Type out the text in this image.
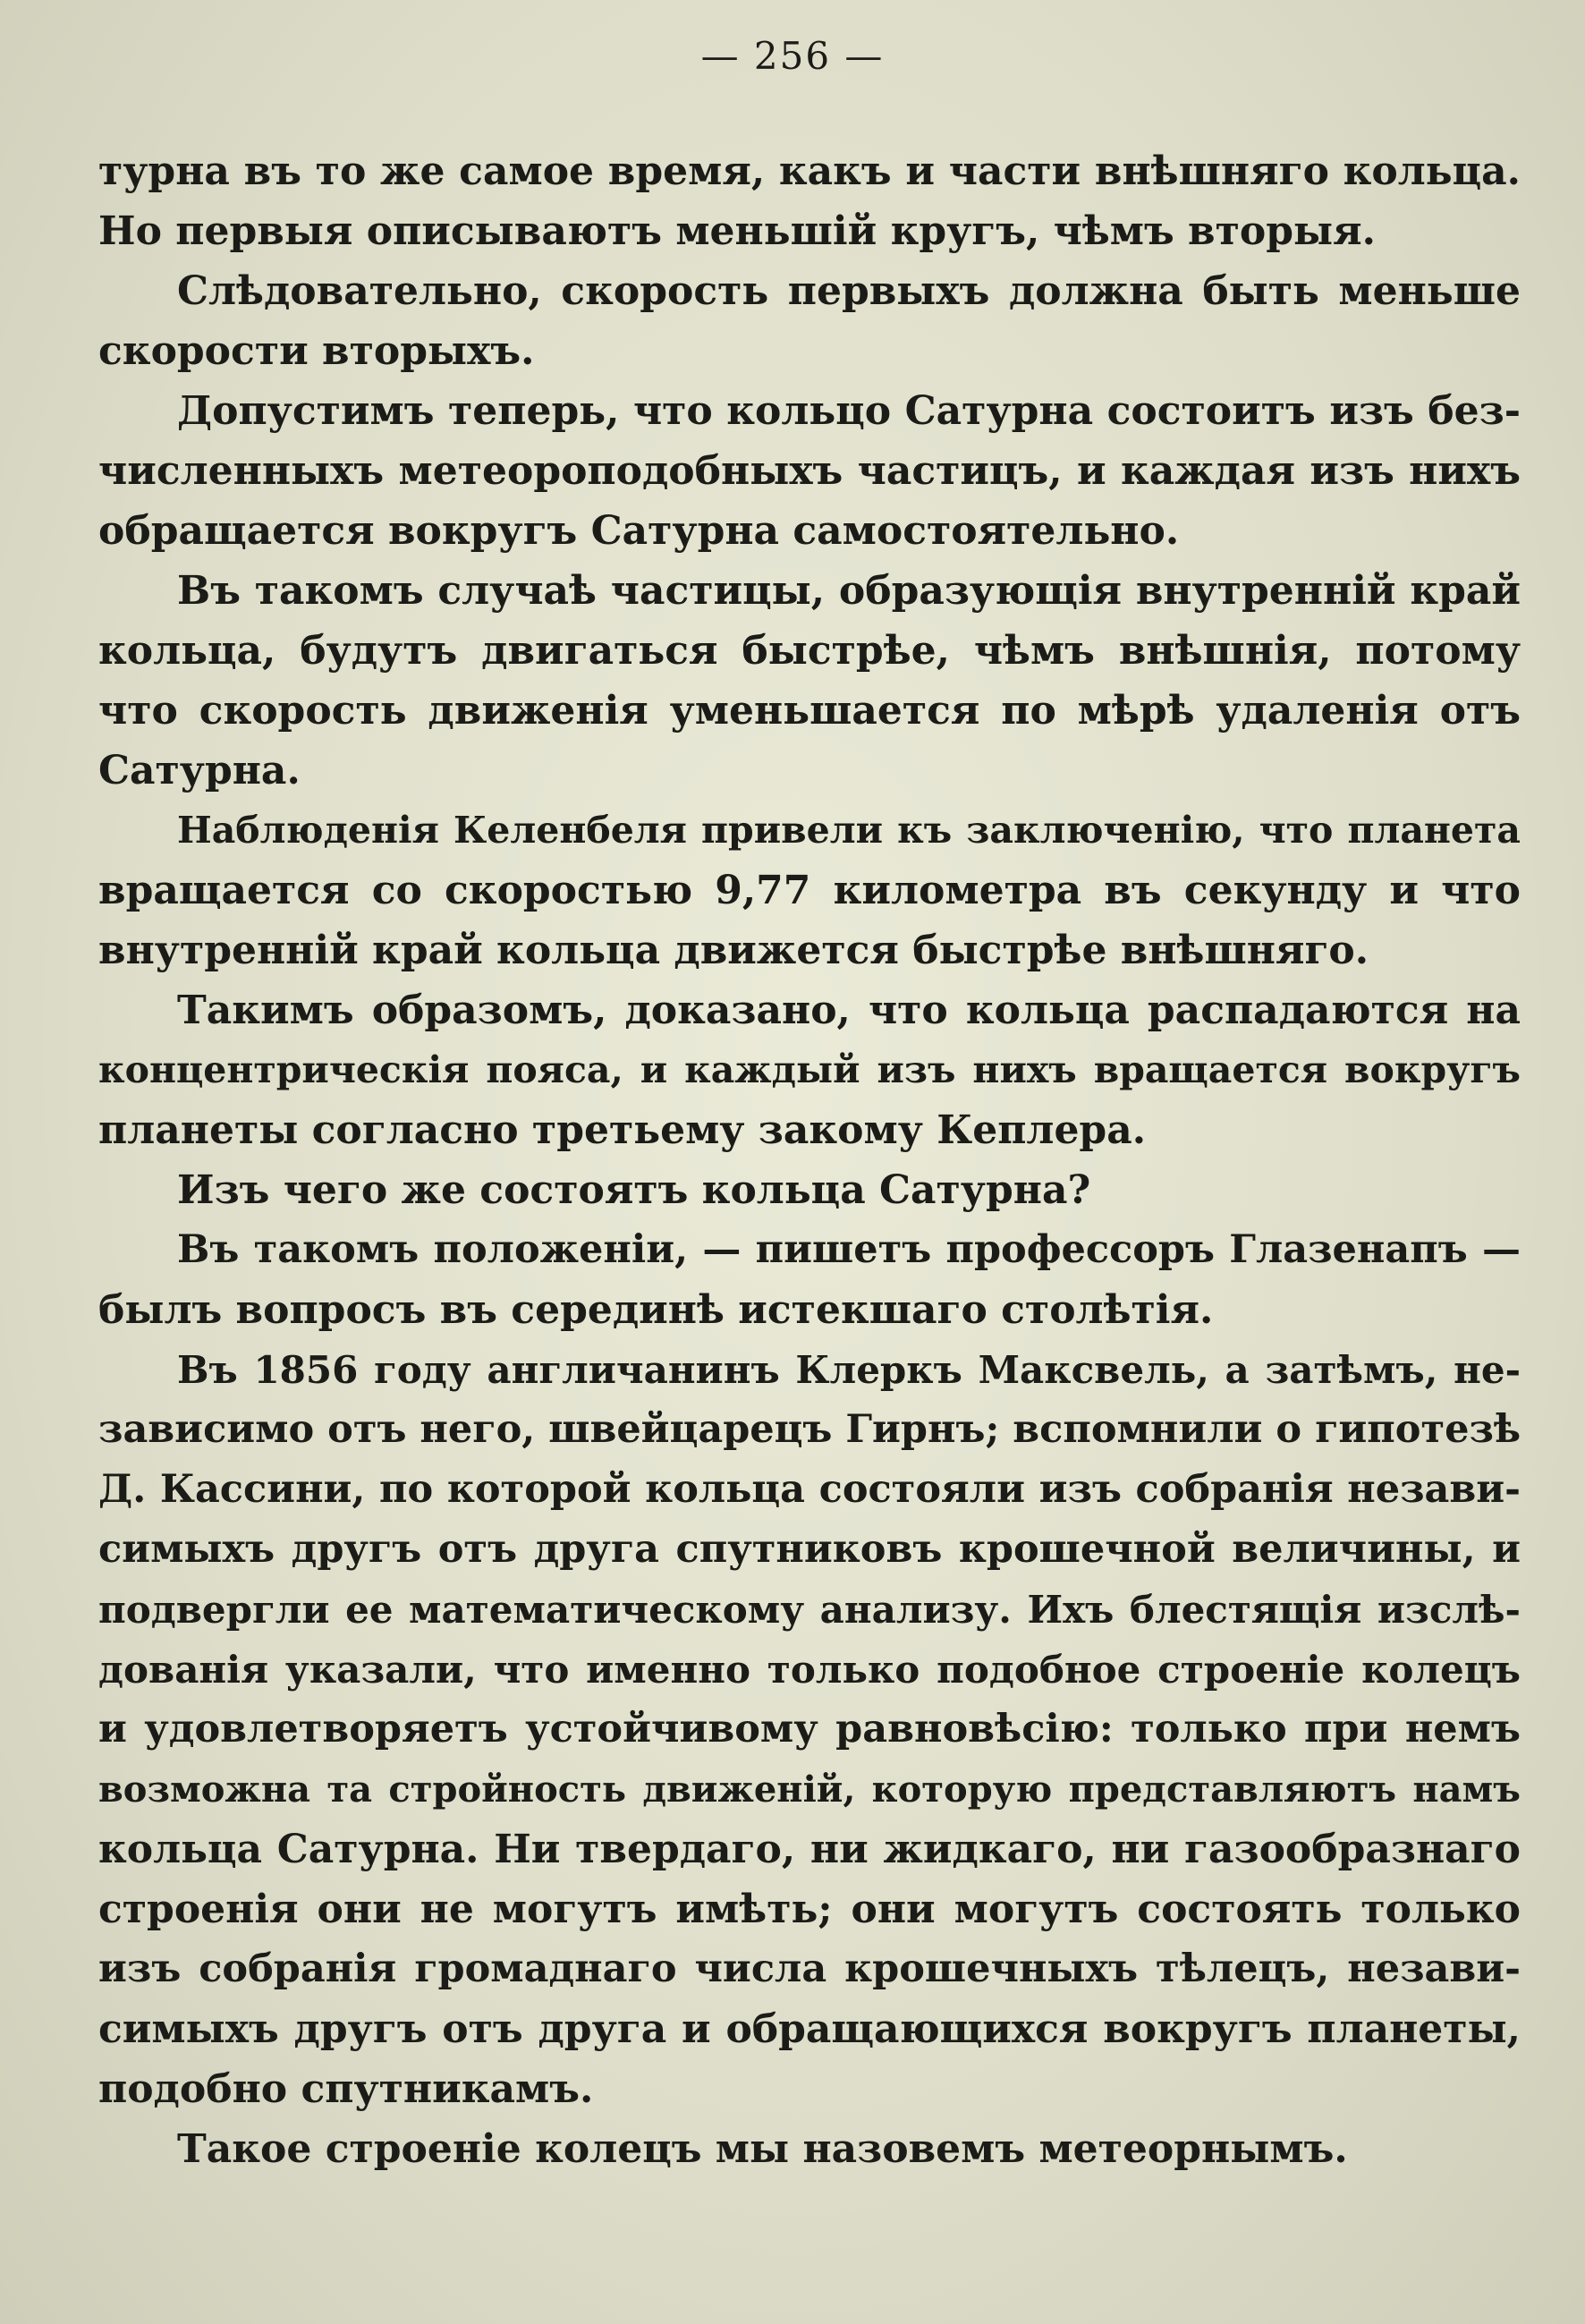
— 256 —
турна въ то же самое время, какъ и части внѣшняго кольца.
Но первыя описываютъ меньшій кругъ, чѣмъ вторыя.
Слѣдовательно, скорость первыхъ должна быть меньше
скорости вторыхъ.
Допустимъ теперь, что кольцо Сатурна состоитъ изъ без-
численныхъ метеороподобныхъ частицъ, и каждая изъ нихъ
обращается вокругъ Сатурна самостоятельно.
Въ такомъ случаѣ частицы, образующія внутренній край
кольца, будутъ двигаться быстрѣе, чѣмъ внѣшнія, потому
что скорость движенія уменьшается по мѣрѣ удаленія отъ
Сатурна.
Наблюденія Келенбеля привели къ заключенію, что планета
вращается со скоростью 9,77 километра въ секунду и что
внутренній край кольца движется быстрѣе внѣшняго.
Такимъ образомъ, доказано, что кольца распадаются на
концентрическія пояса, и каждый изъ нихъ вращается вокругъ
планеты согласно третьему закому Кеплера.
Изъ чего же состоятъ кольца Сатурна?
Въ такомъ положеніи, — пишетъ профессоръ Глазенапъ —
былъ вопросъ въ серединѣ истекшаго столѣтія.
Въ 1856 году англичанинъ Клеркъ Максвель, а затѣмъ, не-
зависимо отъ него, швейцарецъ Гирнъ; вспомнили о гипотезѣ
Д. Кассини, по которой кольца состояли изъ собранія незави-
симыхъ другъ отъ друга спутниковъ крошечной величины, и
подвергли ее математическому анализу. Ихъ блестящія изслѣ-
дованія указали, что именно только подобное строеніе колецъ
и удовлетворяетъ устойчивому равновѣсію: только при немъ
возможна та стройность движеній, которую представляютъ намъ
кольца Сатурна. Ни твердаго, ни жидкаго, ни газообразнаго
строенія они не могутъ имѣть; они могутъ состоять только
изъ собранія громаднаго числа крошечныхъ тѣлецъ, незави-
симыхъ другъ отъ друга и обращающихся вокругъ планеты,
подобно спутникамъ.
Такое строеніе колецъ мы назовемъ метеорнымъ.
